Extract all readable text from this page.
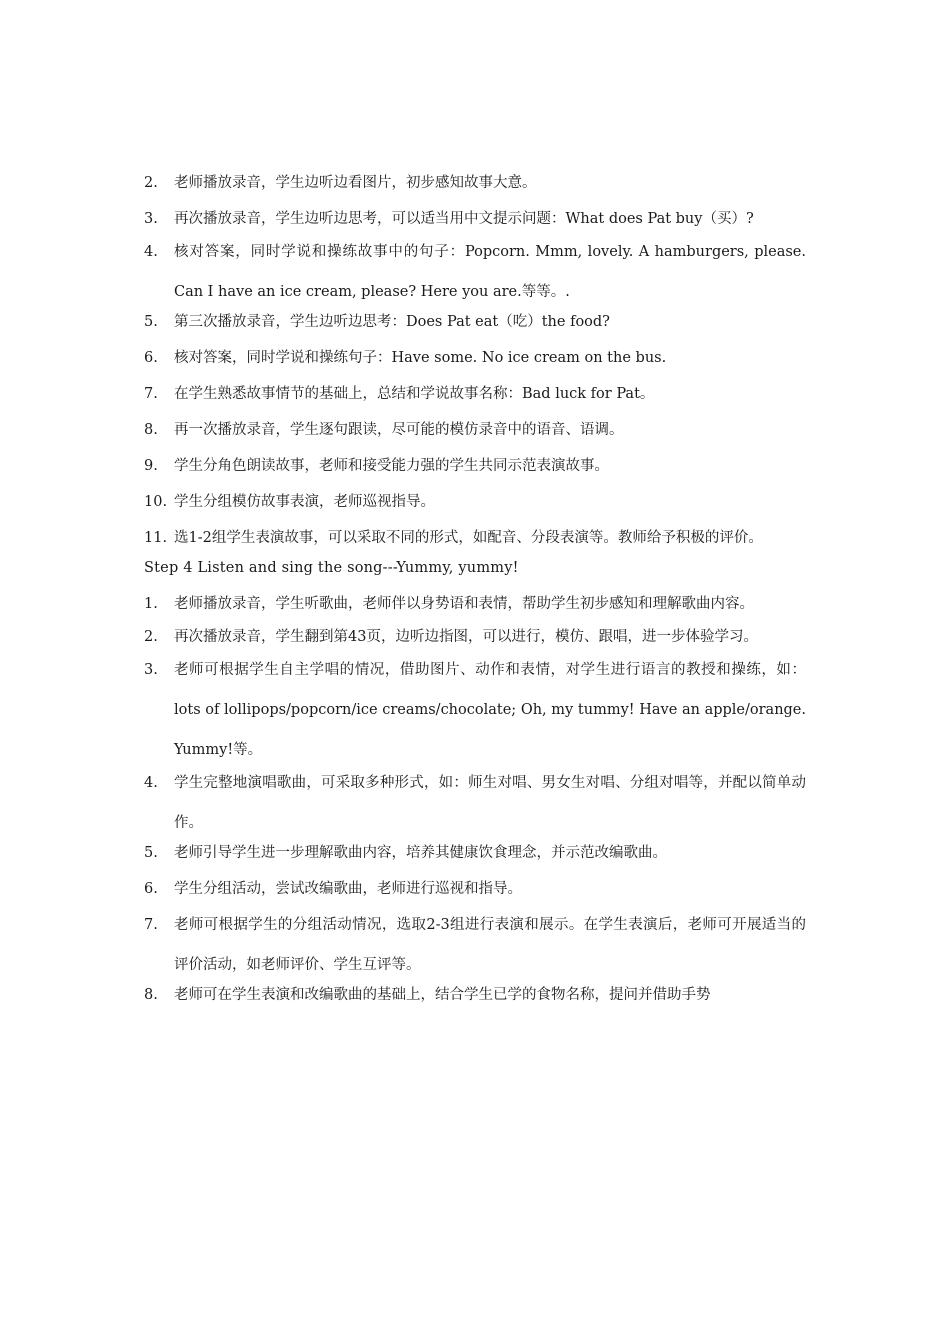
2. 老师播放录音，学生边听边看图片，初步感知故事大意。
3. 再次播放录音，学生边听边思考，可以适当用中文提示问题：What does Pat buy（买）?
4. 核对答案，同时学说和操练故事中的句子：Popcorn. Mmm, lovely. A hamburgers, please. Can I have an ice cream, please? Here you are.等等。.
5. 第三次播放录音，学生边听边思考：Does Pat eat（吃）the food?
6. 核对答案，同时学说和操练句子：Have some. No ice cream on the bus.
7. 在学生熟悉故事情节的基础上，总结和学说故事名称：Bad luck for Pat。
8. 再一次播放录音，学生逐句跟读，尽可能的模仿录音中的语音、语调。
9. 学生分角色朗读故事，老师和接受能力强的学生共同示范表演故事。
10. 学生分组模仿故事表演，老师巡视指导。
11. 选1-2组学生表演故事，可以采取不同的形式，如配音、分段表演等。教师给予积极的评价。
Step 4 Listen and sing the song---Yummy, yummy!
1. 老师播放录音，学生听歌曲，老师伴以身势语和表情，帮助学生初步感知和理解歌曲内容。
2. 再次播放录音，学生翻到第43页，边听边指图，可以进行，模仿、跟唱，进一步体验学习。
3. 老师可根据学生自主学唱的情况，借助图片、动作和表情，对学生进行语言的教授和操练，如：lots of lollipops/popcorn/ice creams/chocolate; Oh, my tummy! Have an apple/orange. Yummy!等。
4. 学生完整地演唱歌曲，可采取多种形式，如：师生对唱、男女生对唱、分组对唱等，并配以简单动作。
5. 老师引导学生进一步理解歌曲内容，培养其健康饮食理念，并示范改编歌曲。
6. 学生分组活动，尝试改编歌曲，老师进行巡视和指导。
7. 老师可根据学生的分组活动情况，选取2-3组进行表演和展示。在学生表演后，老师可开展适当的评价活动，如老师评价、学生互评等。
8. 老师可在学生表演和改编歌曲的基础上，结合学生已学的食物名称，提问并借助手势
